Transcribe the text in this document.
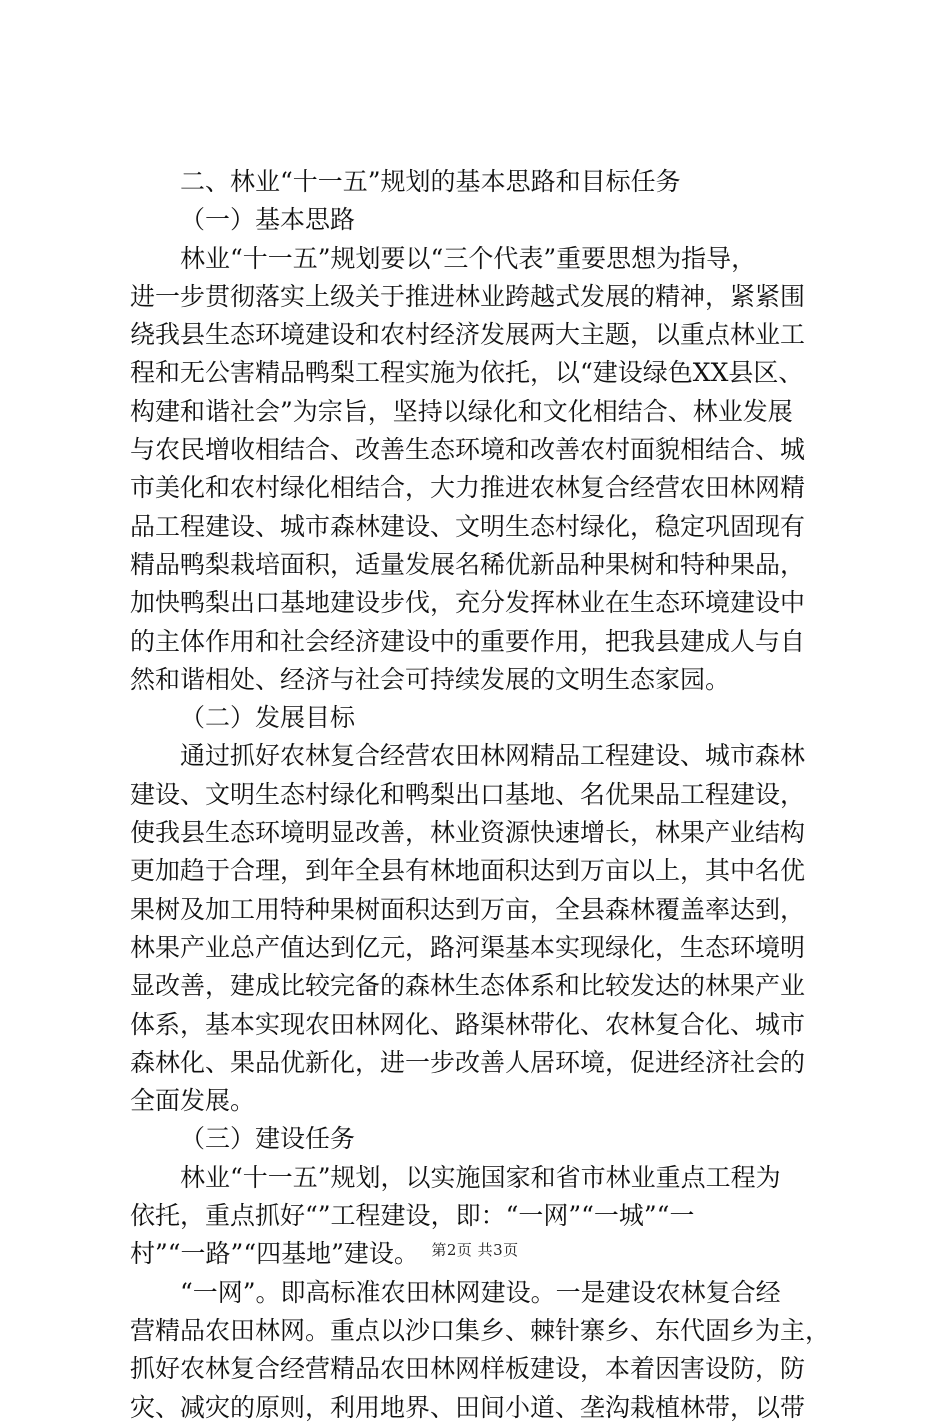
二、林业“十一五”规划的基本思路和目标任务
（一）基本思路
林业“十一五”规划要以“三个代表”重要思想为指导，
进一步贯彻落实上级关于推进林业跨越式发展的精神，紧紧围
绕我县生态环境建设和农村经济发展两大主题，以重点林业工
程和无公害精品鸭梨工程实施为依托，以“建设绿色XX县区、
构建和谐社会”为宗旨，坚持以绿化和文化相结合、林业发展
与农民增收相结合、改善生态环境和改善农村面貌相结合、城
市美化和农村绿化相结合，大力推进农林复合经营农田林网精
品工程建设、城市森林建设、文明生态村绿化，稳定巩固现有
精品鸭梨栽培面积，适量发展名稀优新品种果树和特种果品，
加快鸭梨出口基地建设步伐，充分发挥林业在生态环境建设中
的主体作用和社会经济建设中的重要作用，把我县建成人与自
然和谐相处、经济与社会可持续发展的文明生态家园。
（二）发展目标
通过抓好农林复合经营农田林网精品工程建设、城市森林
建设、文明生态村绿化和鸭梨出口基地、名优果品工程建设，
使我县生态环境明显改善，林业资源快速增长，林果产业结构
更加趋于合理，到年全县有林地面积达到万亩以上，其中名优
果树及加工用特种果树面积达到万亩，全县森林覆盖率达到，
林果产业总产值达到亿元，路河渠基本实现绿化，生态环境明
显改善，建成比较完备的森林生态体系和比较发达的林果产业
体系，基本实现农田林网化、路渠林带化、农林复合化、城市
森林化、果品优新化，进一步改善人居环境，促进经济社会的
全面发展。
（三）建设任务
林业“十一五”规划，以实施国家和省市林业重点工程为
依托，重点抓好“”工程建设，即：“一网”“一城”“一
村”“一路”“四基地”建设。
“一网”。即高标准农田林网建设。一是建设农林复合经
营精品农田林网。重点以沙口集乡、棘针寨乡、东代固乡为主，
抓好农林复合经营精品农田林网样板建设，本着因害设防，防
灾、减灾的原则，利用地界、田间小道、垄沟栽植林带，以带
第2页 共3页
